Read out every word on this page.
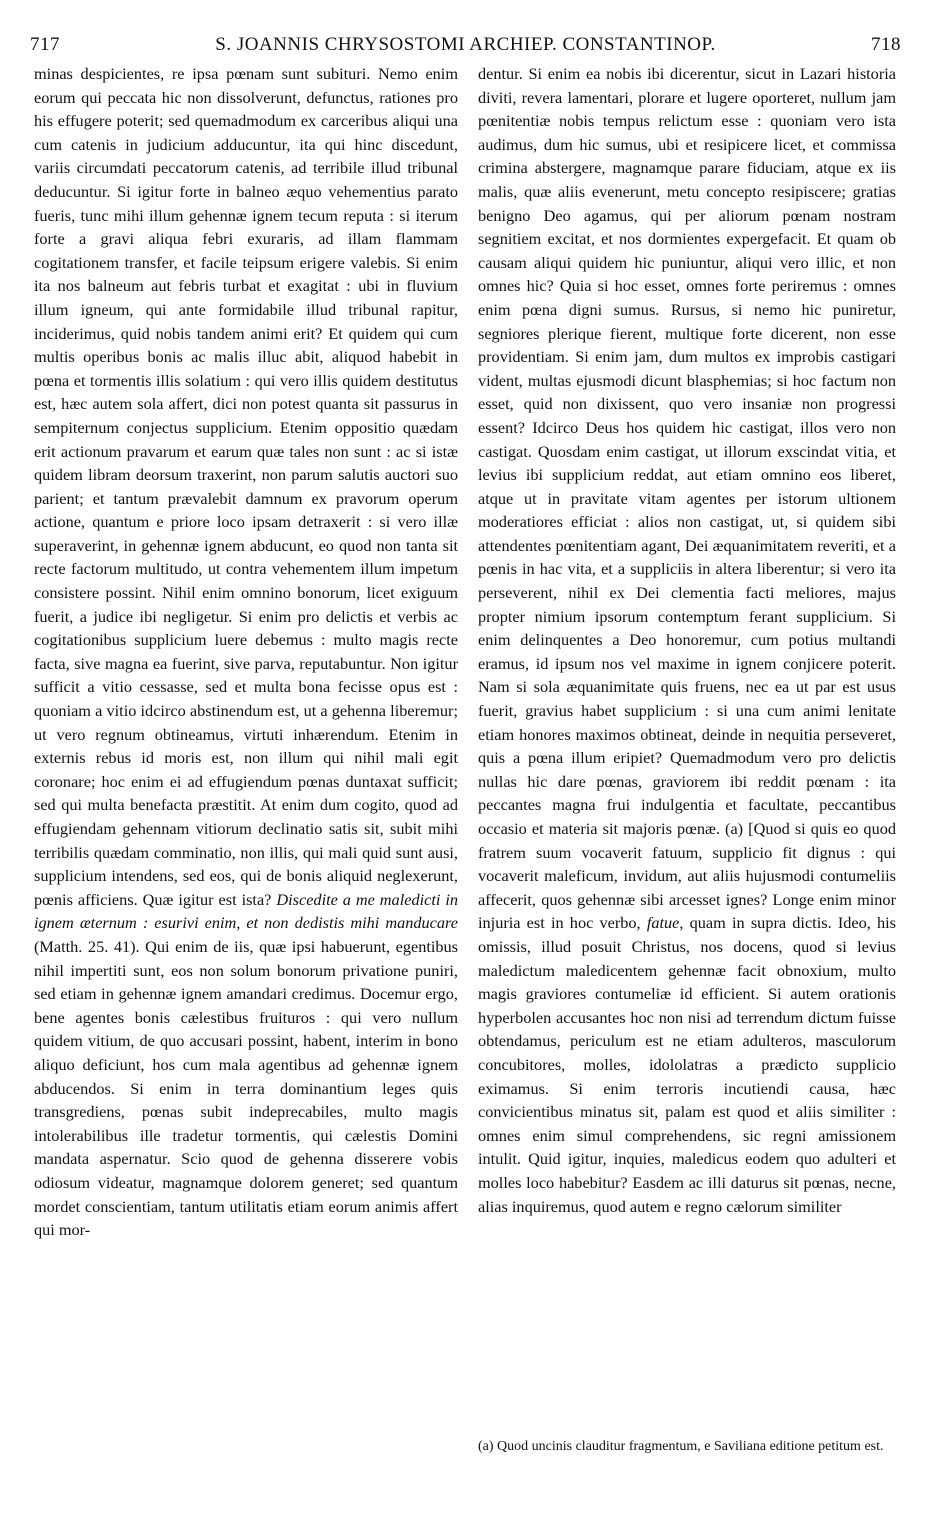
717	S. JOANNIS CHRYSOSTOMI ARCHIEP. CONSTANTINOP.	718

minas despicientes, re ipsa pœnam sunt subituri. Nemo enim eorum qui peccata hic non dissolverunt, defunctus, rationes pro his effugere poterit; sed quemadmodum ex carceribus aliqui una cum catenis in judicium adducuntur, ita qui hinc discedunt, variis circumdati peccatorum catenis, ad terribile illud tribunal deducuntur. Si igitur forte in balneo æquo vehementius parato fueris, tunc mihi illum gehennæ ignem tecum reputa : si iterum forte a gravi aliqua febri exuraris, ad illam flammam cogitationem transfer, et facile teipsum erigere valebis. Si enim ita nos balneum aut febris turbat et exagitat : ubi in fluvium illum igneum, qui ante formidabile illud tribunal rapitur, inciderimus, quid nobis tandem animi erit? Et quidem qui cum multis operibus bonis ac malis illuc abit, aliquod habebit in pœna et tormentis illis solatium : qui vero illis quidem destitutus est, hæc autem sola affert, dici non potest quanta sit passurus in sempiternum conjectus supplicium. Etenim oppositio quædam erit actionum pravarum et earum quæ tales non sunt : ac si istæ quidem libram deorsum traxerint, non parum salutis auctori suo parient; et tantum prævalebit damnum ex pravorum operum actione, quantum e priore loco ipsam detraxerit : si vero illæ superaverint, in gehennæ ignem abducunt, eo quod non tanta sit recte factorum multitudo, ut contra vehementem illum impetum consistere possint. Nihil enim omnino bonorum, licet exiguum fuerit, a judice ibi negligetur. Si enim pro delictis et verbis ac cogitationibus supplicium luere debemus : multo magis recte facta, sive magna ea fuerint, sive parva, reputabuntur. Non igitur sufficit a vitio cessasse, sed et multa bona fecisse opus est : quoniam a vitio idcirco abstinendum est, ut a gehenna liberemur; ut vero regnum obtineamus, virtuti inhærendum. Etenim in externis rebus id moris est, non illum qui nihil mali egit coronare; hoc enim ei ad effugiendum pœnas duntaxat sufficit; sed qui multa benefacta præstitit. At enim dum cogito, quod ad effugiendam gehennam vitiorum declinatio satis sit, subit mihi terribilis quædam comminatio, non illis, qui mali quid sunt ausi, supplicium intendens, sed eos, qui de bonis aliquid neglexerunt, pœnis afficiens. Quæ igitur est ista? Discedite a me maledicti in ignem æternum : esurivi enim, et non dedistis mihi manducare (Matth. 25. 41). Qui enim de iis, quæ ipsi habuerunt, egentibus nihil impertiti sunt, eos non solum bonorum privatione puniri, sed etiam in gehennæ ignem amandari credimus. Docemur ergo, bene agentes bonis cælestibus fruituros : qui vero nullum quidem vitium, de quo accusari possint, habent, interim in bono aliquo deficiunt, hos cum mala agentibus ad gehennæ ignem abducendos. Si enim in terra dominantium leges quis transgrediens, pœnas subit indeprecabiles, multo magis intolerabilibus ille tradetur tormentis, qui cælestis Domini mandata aspernatur. Scio quod de gehenna disserere vobis odiosum videatur, magnamque dolorem generet; sed quantum mordet conscientiam, tantum utilitatis etiam eorum animis affert qui mor-

dentur. Si enim ea nobis ibi dicerentur, sicut in Lazari historia diviti, revera lamentari, plorare et lugere oporteret, nullum jam pœnitentiæ nobis tempus relictum esse : quoniam vero ista audimus, dum hic sumus, ubi et resipicere licet, et commissa crimina abstergere, magnamque parare fiduciam, atque ex iis malis, quæ aliis evenerunt, metu concepto resipiscere; gratias benigno Deo agamus, qui per aliorum pœnam nostram segnitiem excitat, et nos dormientes expergefacit. Et quam ob causam aliqui quidem hic puniuntur, aliqui vero illic, et non omnes hic? Quia si hoc esset, omnes forte periremus : omnes enim pœna digni sumus. Rursus, si nemo hic puniretur, segniores plerique fierent, multique forte dicerent, non esse providentiam. Si enim jam, dum multos ex improbis castigari vident, multas ejusmodi dicunt blasphemias; si hoc factum non esset, quid non dixissent, quo vero insaniæ non progressi essent? Idcirco Deus hos quidem hic castigat, illos vero non castigat. Quosdam enim castigat, ut illorum exscindat vitia, et levius ibi supplicium reddat, aut etiam omnino eos liberet, atque ut in pravitate vitam agentes per istorum ultionem moderatiores efficiat : alios non castigat, ut, si quidem sibi attendentes pœnitentiam agant, Dei æquanimitatem reveriti, et a pœnis in hac vita, et a suppliciis in altera liberentur; si vero ita perseverent, nihil ex Dei clementia facti meliores, majus propter nimium ipsorum contemptum ferant supplicium. Si enim delinquentes a Deo honoremur, cum potius multandi eramus, id ipsum nos vel maxime in ignem conjicere poterit. Nam si sola æquanimitate quis fruens, nec ea ut par est usus fuerit, gravius habet supplicium : si una cum animi lenitate etiam honores maximos obtineat, deinde in nequitia perseveret, quis a pœna illum eripiet? Quemadmodum vero pro delictis nullas hic dare pœnas, graviorem ibi reddit pœnam : ita peccantes magna frui indulgentia et facultate, peccantibus occasio et materia sit majoris pœnæ. (a) [Quod si quis eo quod fratrem suum vocaverit fatuum, supplicio fit dignus : qui vocaverit maleficum, invidum, aut aliis hujusmodi contumeliis affecerit, quos gehennæ sibi arcesset ignes? Longe enim minor injuria est in hoc verbo, fatue, quam in supra dictis. Ideo, his omissis, illud posuit Christus, nos docens, quod si levius maledictum maledicentem gehennæ facit obnoxium, multo magis graviores contumeliæ id efficient. Si autem orationis hyperbolen accusantes hoc non nisi ad terrendum dictum fuisse obtendamus, periculum est ne etiam adulteros, masculorum concubitores, molles, idololatras a prædicto supplicio eximamus. Si enim terroris incutiendi causa, hæc convicientibus minatus sit, palam est quod et aliis similiter : omnes enim simul comprehendens, sic regni amissionem intulit. Quid igitur, inquies, maledicus eodem quo adulteri et molles loco habebitur? Easdem ac illi daturus sit pœnas, necne, alias inquiremus, quod autem e regno cælorum similiter

(a) Quod uncinis clauditur fragmentum, e Saviliana editione petitum est.
